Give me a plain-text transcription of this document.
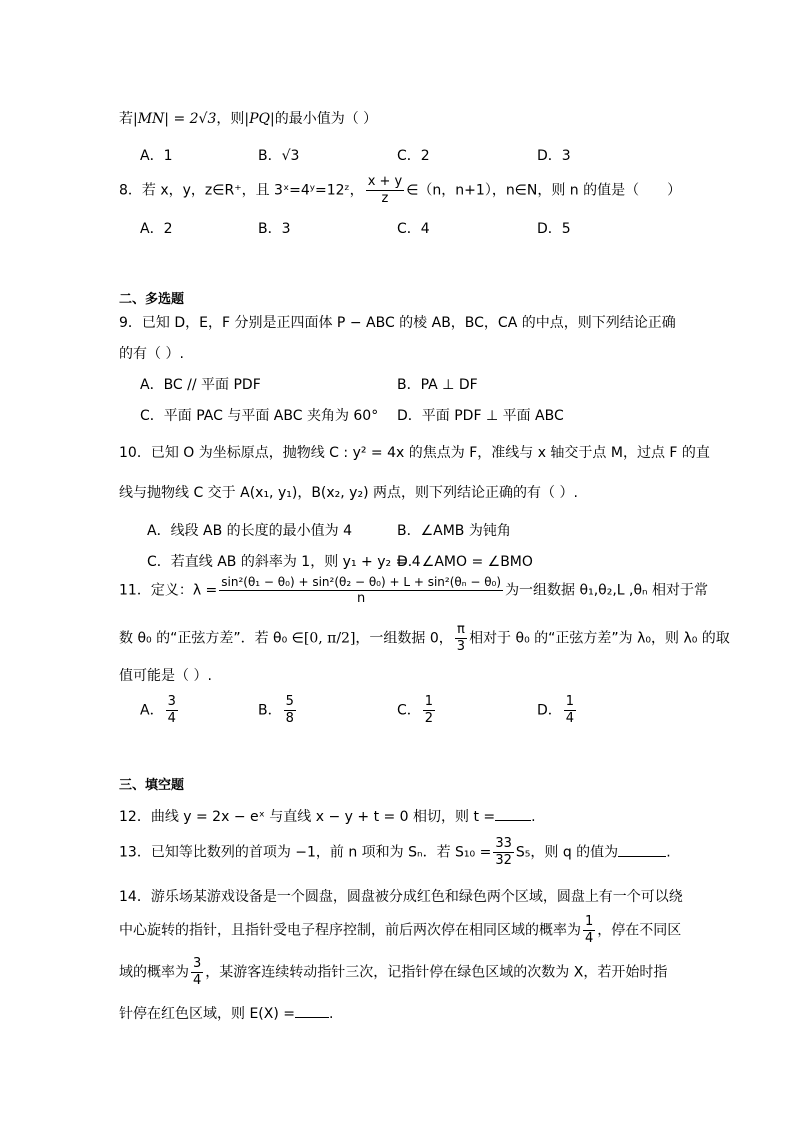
若|MN| = 2√3，则|PQ|的最小值为（ ）
A．1	B．√3	C．2	D．3
8．若 x，y，z∈R⁺，且 3ˣ=4ʸ=12ᶻ， $\frac{x + y}{z}$ ∈（n，n+1），n∈N，则 n 的值是（　　）
A．2	B．3	C．4	D．5
二、多选题
9．已知 D，E，F 分别是正四面体 P − ABC 的棱 AB，BC，CA 的中点，则下列结论正确
的有（ ）.
A．BC // 平面 PDF	B．PA ⊥ DF
C．平面 PAC 与平面 ABC 夹角为 60° D．平面 PDF ⊥ 平面 ABC
10．已知 O 为坐标原点，抛物线 C : y² = 4x 的焦点为 F，准线与 x 轴交于点 M，过点 F 的直
线与抛物线 C 交于 A(x₁, y₁)，B(x₂, y₂) 两点，则下列结论正确的有（ ）.
A．线段 AB 的长度的最小值为 4	B．∠AMB 为钝角
C．若直线 AB 的斜率为 1，则 y₁ + y₂ = 4
D．∠AMO = ∠BMO
11．定义：$\lambda = \frac{\text{sin²(θ₁ − θ₀) + sin²(θ₂ − θ₀) + L + sin²(θₙ − θ₀)}}{n}$ 为一组数据 θ₁,θ₂,L ,θₙ 相对于常
数 θ₀ 的“正弦方差”．若 θ₀ ∈[0, π/2]，一组数据 0， $\frac{\pi}{3}$ 相对于 θ₀ 的“正弦方差”为 λ₀，则 λ₀ 的取
值可能是（ ）.
A． $\frac{3}{4}$	B． $\frac{5}{8}$	C． $\frac{1}{2}$	D． $\frac{1}{4}$
三、填空题
12．曲线 y = 2x − eˣ 与直线 x − y + t = 0 相切，则 t =	.
13．已知等比数列的首项为 −1，前 n 项和为 Sₙ．若 $S_{10} = \frac{33}{32} S_5$，则 q 的值为	.
14．游乐场某游戏设备是一个圆盘，圆盘被分成红色和绿色两个区域，圆盘上有一个可以绕
中心旋转的指针，且指针受电子程序控制，前后两次停在相同区域的概率为 $\frac{1}{4}$ ，停在不同区
域的概率为 $\frac{3}{4}$ ，某游客连续转动指针三次，记指针停在绿色区域的次数为 X，若开始时指
针停在红色区域，则 E(X) = .
